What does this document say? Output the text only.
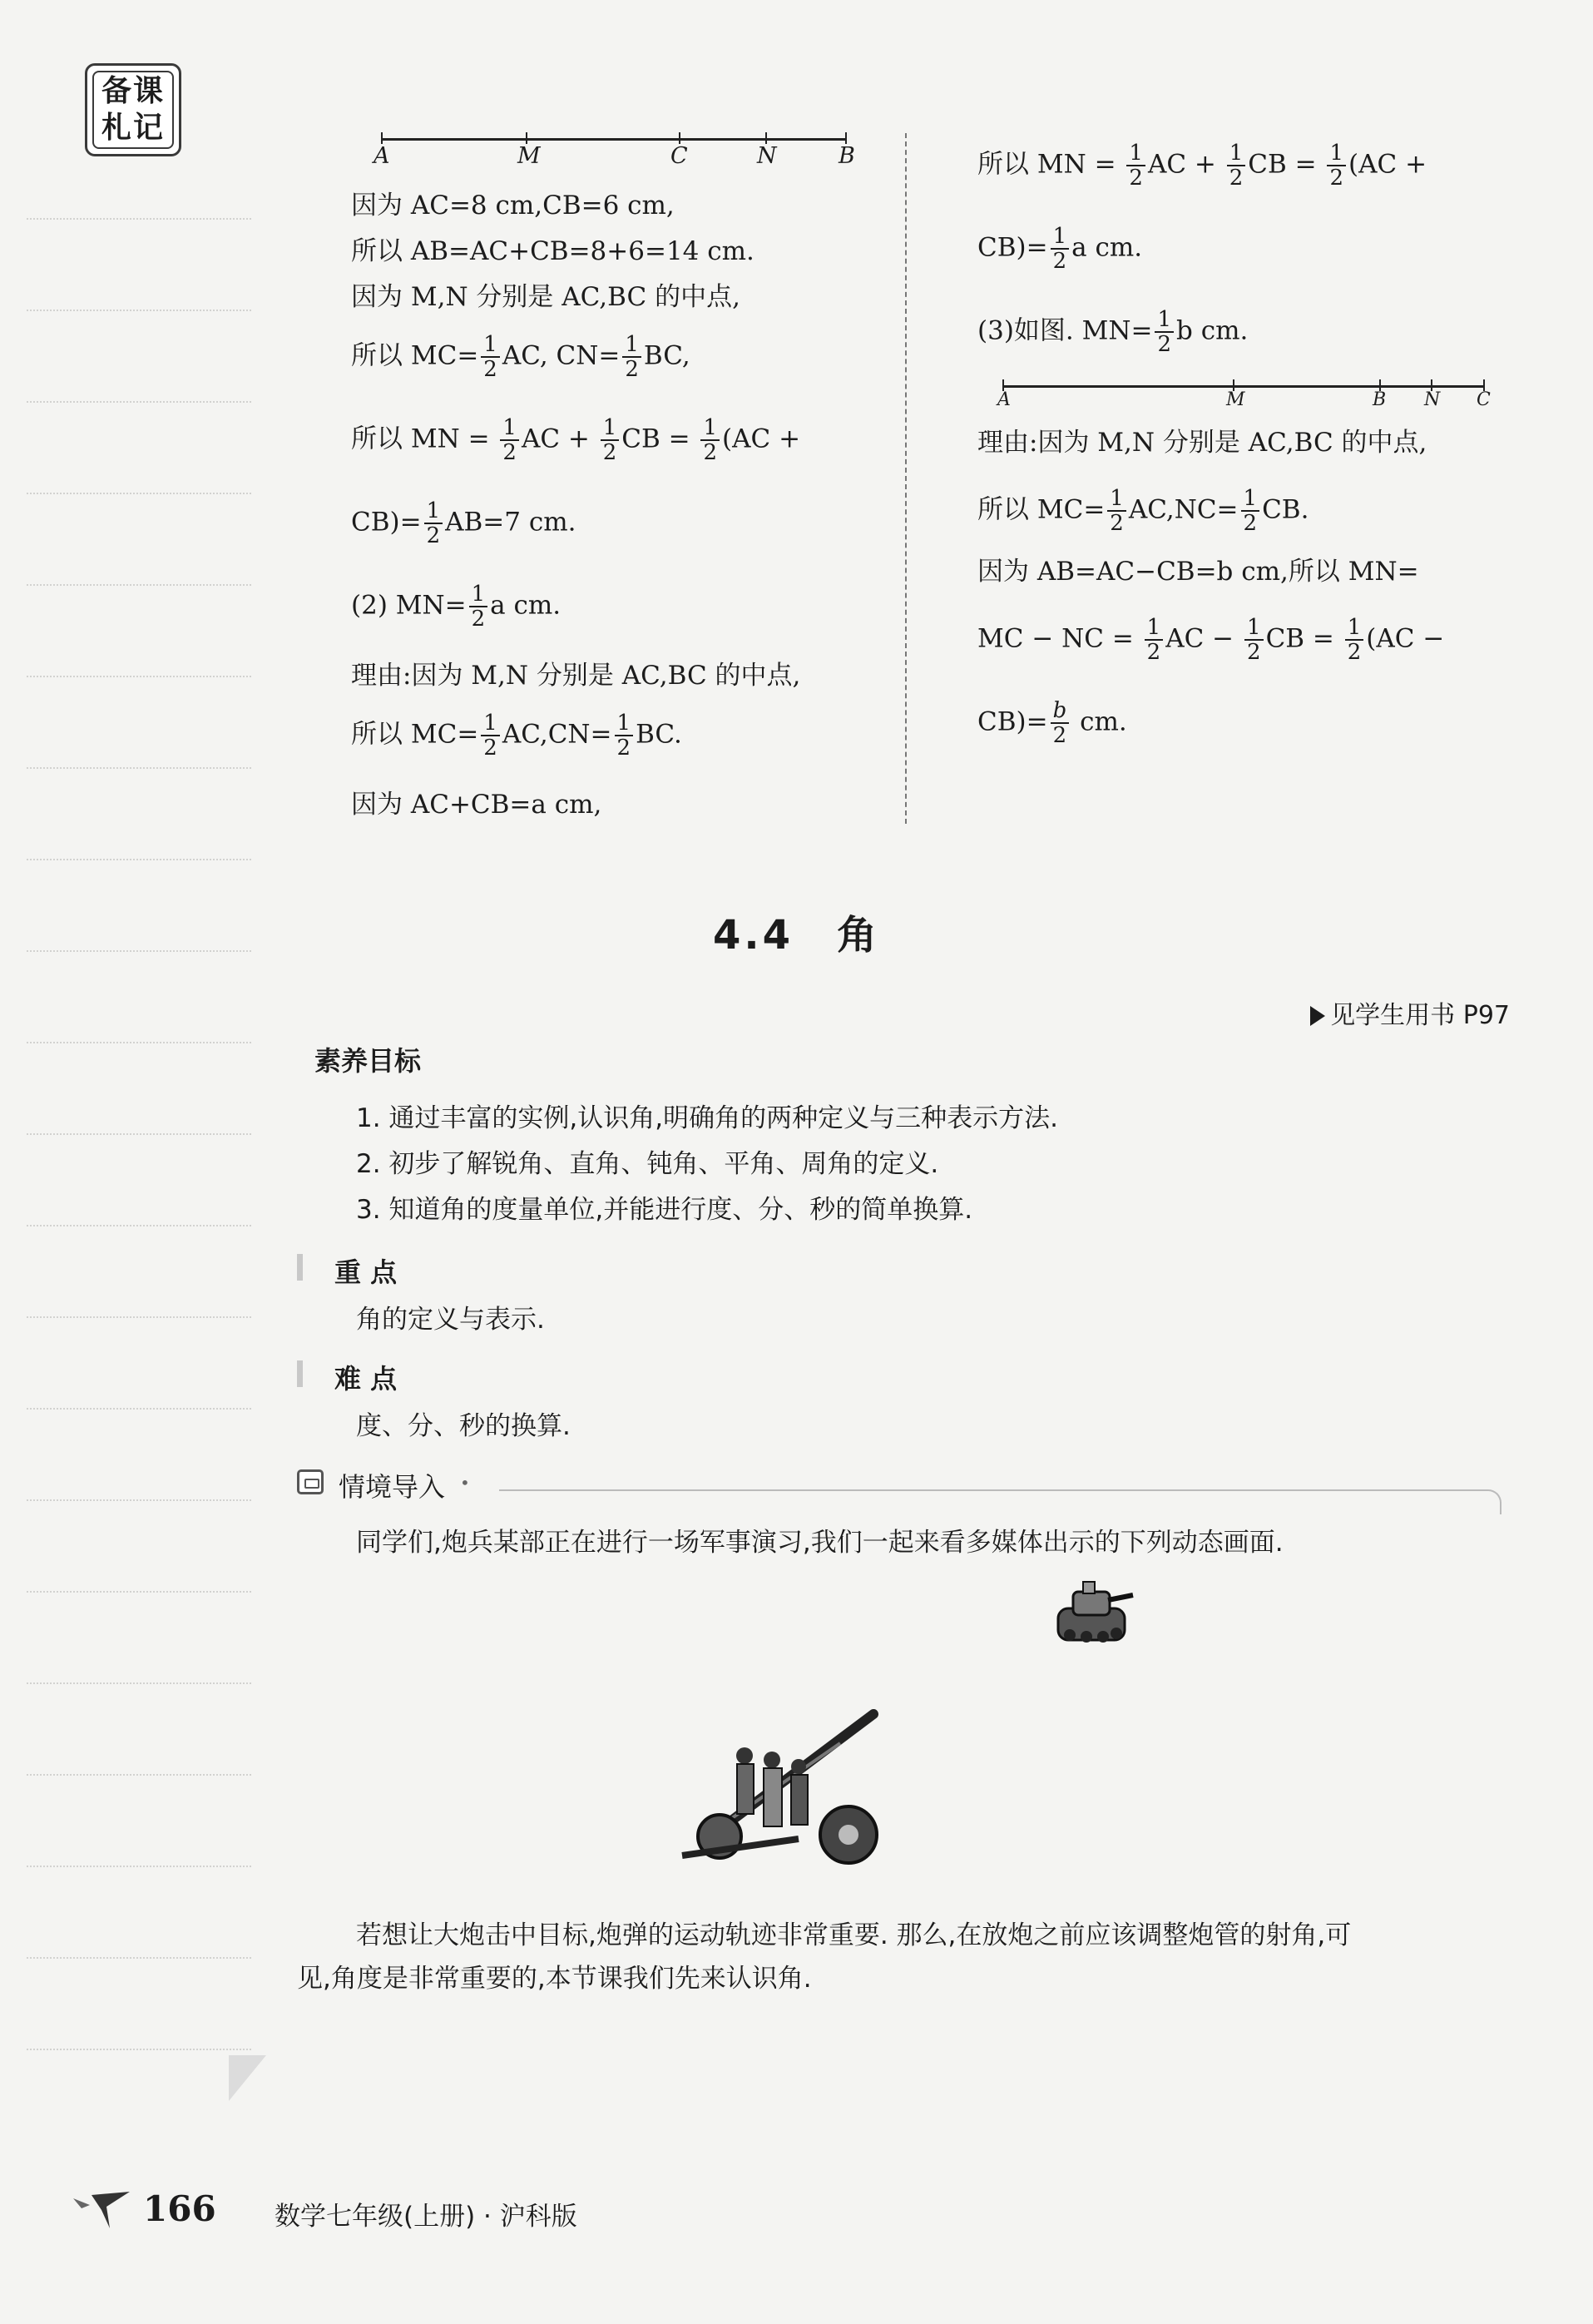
备课
札记
A	M	C	N	B
因为 AC=8 cm,CB=6 cm,
所以 AB=AC+CB=8+6=14 cm.
因为 M,N 分别是 AC,BC 的中点,
所以 $MC= \frac{1}{2}$ AC, $CN= \frac{1}{2}$ BC,
所以 MN = $\frac{1}{2}$ AC + $\frac{1}{2}$ CB = $\frac{1}{2} (AC$ +
$CB)= \frac{1}{2} AB=7$ cm.
(2) $MN= \frac{1}{2}$ a cm.
理由:因为 M,N 分别是 AC,BC 的中点,
所以 $MC= \frac{1}{2} AC,CN= \frac{1}{2}$ BC.
因为 AC+CB=a cm,
所以 MN = $\frac{1}{2}$ AC + $\frac{1}{2}$ CB = $\frac{1}{2} (AC$ +
$CB)= \frac{1}{2}$ a cm.
(3)如图. $MN= \frac{1}{2}$ b cm.
A	M	B N C
理由:因为 M,N 分别是 AC,BC 的中点,
所以 $MC= \frac{1}{2} AC,NC= \frac{1}{2}$ CB.
因为 AB=AC−CB=b cm,所以 MN=
MC − NC = $\frac{1}{2}$ AC − $\frac{1}{2}$ CB = $\frac{1}{2} (AC$ −
$CB)= \frac{b}{2}$ cm.
4.4　角
见学生用书 P97
素养目标
1. 通过丰富的实例,认识角,明确角的两种定义与三种表示方法.
2. 初步了解锐角、直角、钝角、平角、周角的定义.
3. 知道角的度量单位,并能进行度、分、秒的简单换算.
重 点
角的定义与表示.
难 点
度、分、秒的换算.
情境导入 •
同学们,炮兵某部正在进行一场军事演习,我们一起来看多媒体出示的下列动态画面.
若想让大炮击中目标,炮弹的运动轨迹非常重要. 那么,在放炮之前应该调整炮管的射角,可
见,角度是非常重要的,本节课我们先来认识角.
166 数学七年级(上册) · 沪科版
